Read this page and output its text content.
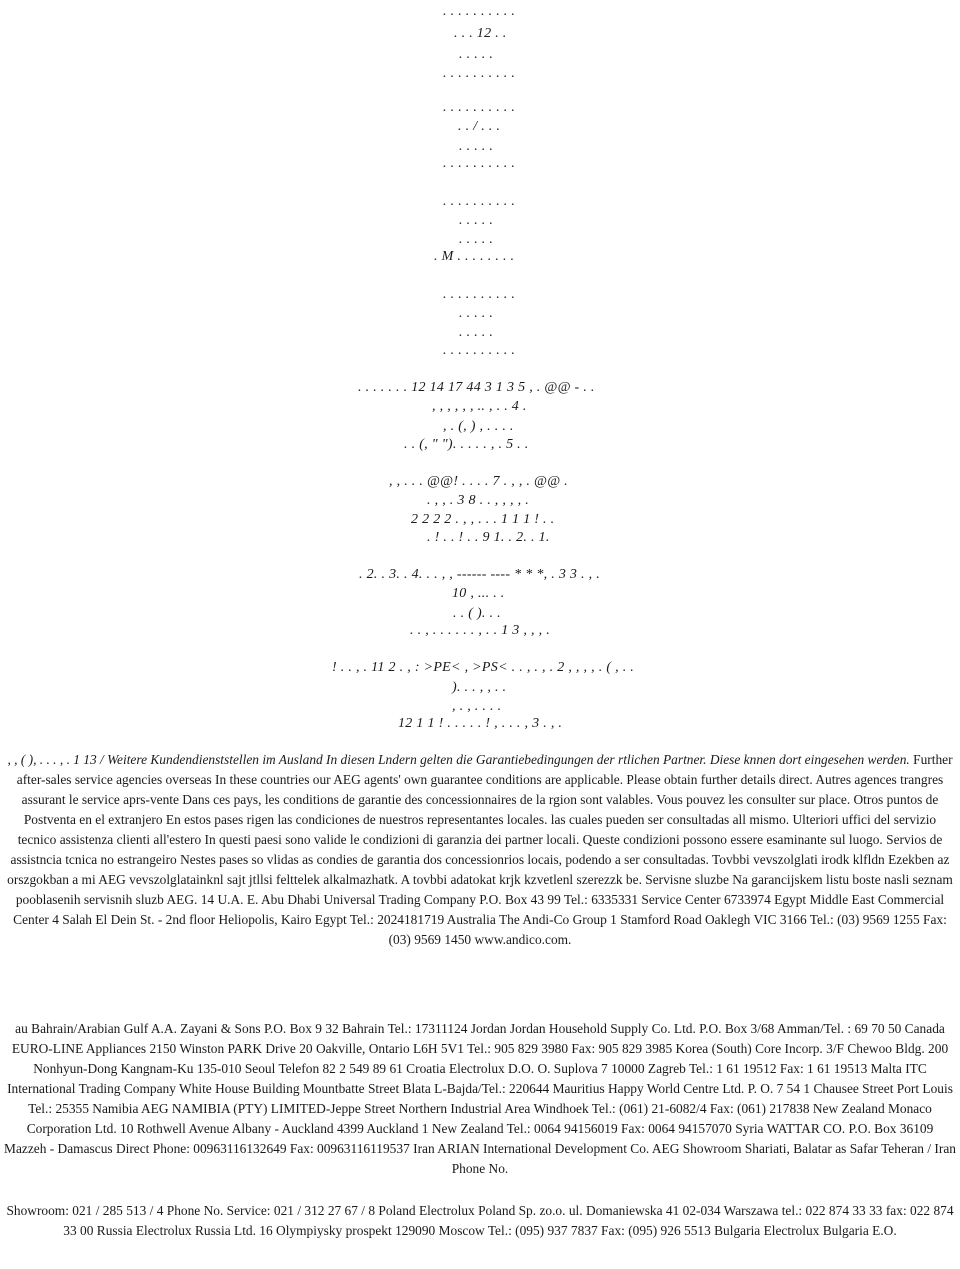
. . . . . . . . . .
. . . 12 . .
. . . . .
. . . . . . . . . .
. . . . . . . . . .
. . / . . .
. . . . .
. . . . . . . . . .
. . . . . . . . . .
. . . . .
. . . . .
. M . . . . . . . .
. . . . . . . . . .
. . . . .
. . . . .
. . . . . . . . . .
. . . . . . . 12 14 17 44 3 1 3 5 , . @@ - . .
, , , , , , .. , . . 4 .
, . (, ) , . . . .
. . (, " "). . . . . , . 5 . .
, , . . . @@! . . . . 7 . , , . @@ .
. , , . 3 8 . . , , , , .
2 2 2 2 . , , . . . 1 1 1 ! . .
. ! . . ! . . 9 1. . 2. . 1.
. 2. . 3. . 4. . . , , ------ ---- * * *, . 3 3 . , .
10 , ... . .
. . ( ). . .
. . , . . . . . . , . . 1 3 , , , .
! . . , . 11 2 . , : >PE< , >PS< . . , . , . 2 , , , , . ( , . .
). . . , , . .
, . , . . . .
12 1 1 ! . . . . . ! , . . . , 3 . , .

, , ( ), . . . , . 1 13 / Weitere Kundendienststellen im Ausland In diesen Lndern gelten die Garantiebedingungen der rtlichen Partner. Diese knnen dort eingesehen werden. Further after-sales service agencies overseas In these countries our AEG agents' own guarantee conditions are applicable. Please obtain further details direct. Autres agences trangres assurant le service aprs-vente Dans ces pays, les conditions de garantie des concessionnaires de la rgion sont valables. Vous pouvez les consulter sur place. Otros puntos de Postventa en el extranjero En estos pases rigen las condiciones de nuestros representantes locales. las cuales pueden ser consultadas all mismo. Ulteriori uffici del servizio tecnico assistenza clienti all'estero In questi paesi sono valide le condizioni di garanzia dei partner locali. Queste condizioni possono essere esaminante sul luogo. Servios de assistncia tcnica no estrangeiro Nestes pases so vlidas as condies de garantia dos concessionrios locais, podendo a ser consultadas. Tovbbi vevszolglati irodk klfldn Ezekben az orszgokban a mi AEG vevszolglatainknl sajt jtllsi felttelek alkalmazhatk. A tovbbi adatokat krjk kzvetlenl szerezzk be. Servisne sluzbe Na garancijskem listu boste nasli seznam pooblasenih servisnih sluzb AEG. 14 U.A. E. Abu Dhabi Universal Trading Company P.O. Box 43 99 Tel.: 6335331 Service Center 6733974 Egypt Middle East Commercial Center 4 Salah El Dein St. - 2nd floor Heliopolis, Kairo Egypt Tel.: 2024181719 Australia The Andi-Co Group 1 Stamford Road Oaklegh VIC 3166 Tel.: (03) 9569 1255 Fax: (03) 9569 1450 www.andico.com.

au Bahrain/Arabian Gulf A.A. Zayani & Sons P.O. Box 9 32 Bahrain Tel.: 17311124 Jordan Jordan Household Supply Co. Ltd. P.O. Box 3/68 Amman/Tel. : 69 70 50 Canada EURO-LINE Appliances 2150 Winston PARK Drive 20 Oakville, Ontario L6H 5V1 Tel.: 905 829 3980 Fax: 905 829 3985 Korea (South) Core Incorp. 3/F Chewoo Bldg. 200 Nonhyun-Dong Kangnam-Ku 135-010 Seoul Telefon 82 2 549 89 61 Croatia Electrolux D.O. O. Suplova 7 10000 Zagreb Tel.: 1 61 19512 Fax: 1 61 19513 Malta ITC International Trading Company White House Building Mountbatte Street Blata L-Bajda/Tel.: 220644 Mauritius Happy World Centre Ltd. P. O. 7 54 1 Chausee Street Port Louis Tel.: 25355 Namibia AEG NAMIBIA (PTY) LIMITED-Jeppe Street Northern Industrial Area Windhoek Tel.: (061) 21-6082/4 Fax: (061) 217838 New Zealand Monaco Corporation Ltd. 10 Rothwell Avenue Albany - Auckland 4399 Auckland 1 New Zealand Tel.: 0064 94156019 Fax: 0064 94157070 Syria WATTAR CO. P.O. Box 36109 Mazzeh - Damascus Direct Phone: 00963116132649 Fax: 00963116119537 Iran ARIAN International Development Co. AEG Showroom Shariati, Balatar as Safar Teheran / Iran Phone No.

Showroom: 021 / 285 513 / 4 Phone No. Service: 021 / 312 27 67 / 8 Poland Electrolux Poland Sp. zo.o. ul. Domaniewska 41 02-034 Warszawa tel.: 022 874 33 33 fax: 022 874 33 00 Russia Electrolux Russia Ltd. 16 Olympiysky prospekt 129090 Moscow Tel.: (095) 937 7837 Fax: (095) 926 5513 Bulgaria Electrolux Bulgaria E.O.
